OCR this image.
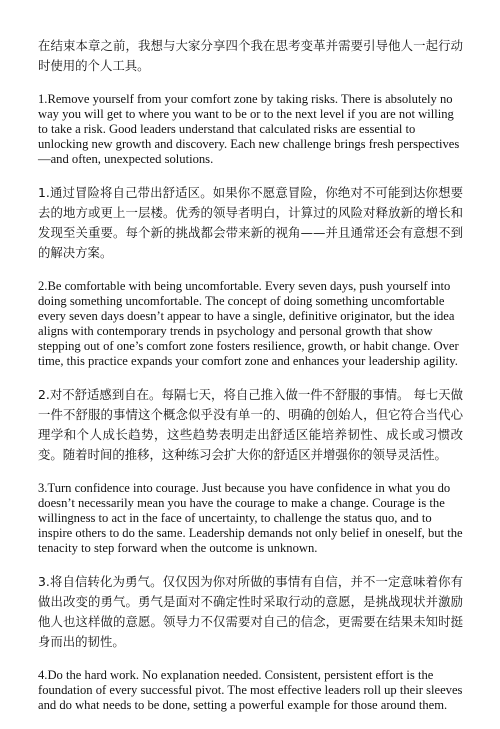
在结束本章之前，我想与大家分享四个我在思考变革并需要引导他人一起行动时使用的个人工具。

1.Remove yourself from your comfort zone by taking risks. There is absolutely no way you will get to where you want to be or to the next level if you are not willing to take a risk. Good leaders understand that calculated risks are essential to unlocking new growth and discovery. Each new challenge brings fresh perspectives—and often, unexpected solutions.

1.通过冒险将自己带出舒适区。如果你不愿意冒险，你绝对不可能到达你想要去的地方或更上一层楼。优秀的领导者明白，计算过的风险对释放新的增长和发现至关重要。每个新的挑战都会带来新的视角——并且通常还会有意想不到的解决方案。

2.Be comfortable with being uncomfortable. Every seven days, push yourself into doing something uncomfortable. The concept of doing something uncomfortable every seven days doesn’t appear to have a single, definitive originator, but the idea aligns with contemporary trends in psychology and personal growth that show stepping out of one’s comfort zone fosters resilience, growth, or habit change. Over time, this practice expands your comfort zone and enhances your leadership agility.

2.对不舒适感到自在。每隔七天，将自己推入做一件不舒服的事情。 每七天做一件不舒服的事情这个概念似乎没有单一的、明确的创始人，但它符合当代心理学和个人成长趋势，这些趋势表明走出舒适区能培养韧性、成长或习惯改变。随着时间的推移，这种练习会扩大你的舒适区并增强你的领导灵活性。

3.Turn confidence into courage. Just because you have confidence in what you do doesn’t necessarily mean you have the courage to make a change. Courage is the willingness to act in the face of uncertainty, to challenge the status quo, and to inspire others to do the same. Leadership demands not only belief in oneself, but the tenacity to step forward when the outcome is unknown.

3.将自信转化为勇气。仅仅因为你对所做的事情有自信，并不一定意味着你有做出改变的勇气。勇气是面对不确定性时采取行动的意愿，是挑战现状并激励他人也这样做的意愿。领导力不仅需要对自己的信念，更需要在结果未知时挺身而出的韧性。

4.Do the hard work. No explanation needed. Consistent, persistent effort is the foundation of every successful pivot. The most effective leaders roll up their sleeves and do what needs to be done, setting a powerful example for those around them.
